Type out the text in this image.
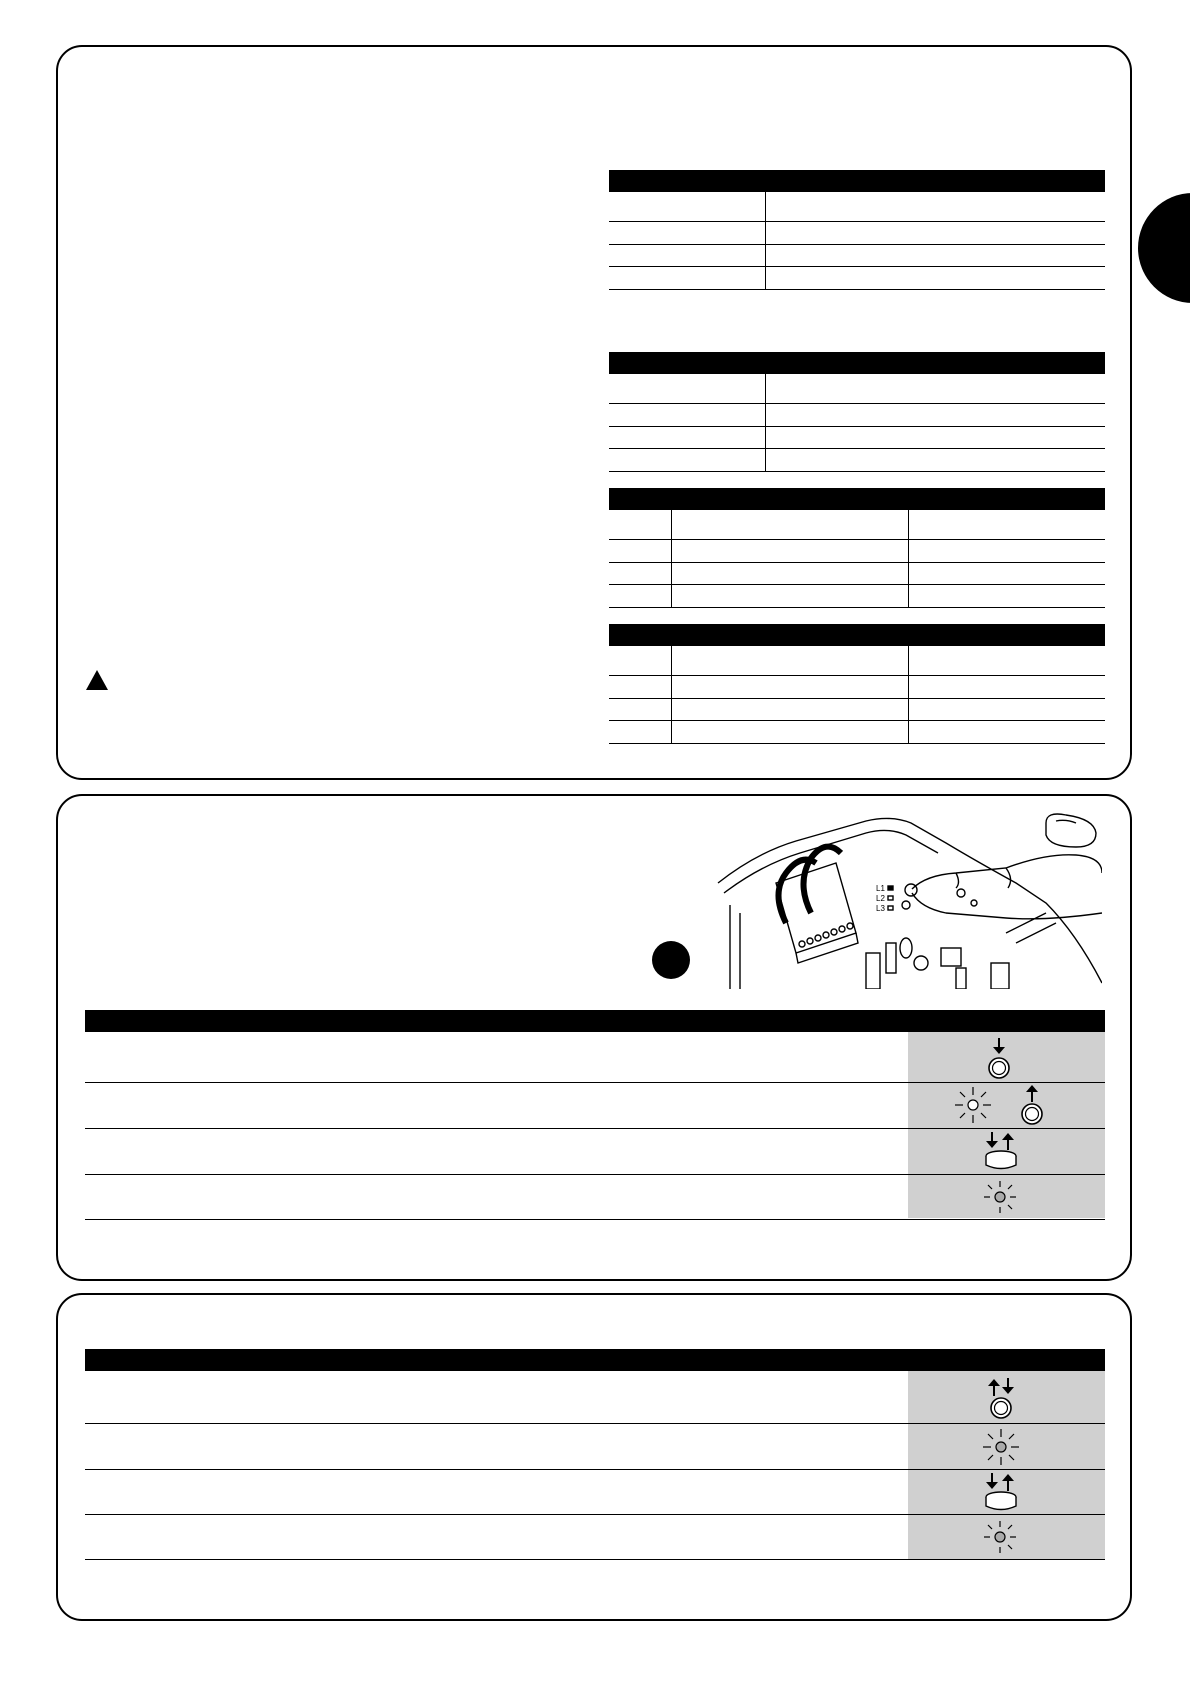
L1
L2
L3
